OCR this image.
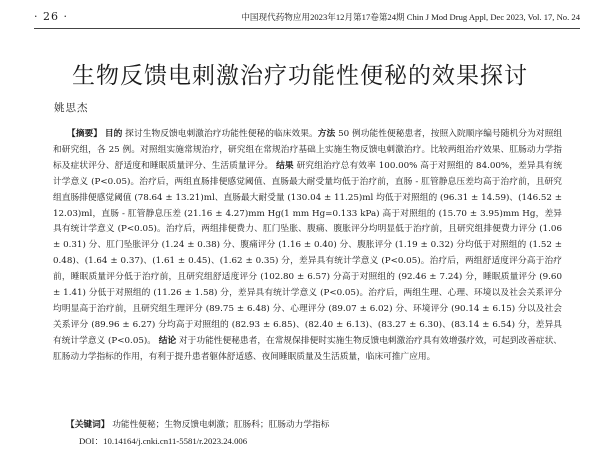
· 26 ·	中国现代药物应用2023年12月第17卷第24期 Chin J Mod Drug Appl, Dec 2023, Vol. 17, No. 24
生物反馈电刺激治疗功能性便秘的效果探讨
姚思杰

【摘要】 目的 探讨生物反馈电刺激治疗功能性便秘的临床效果。方法 50 例功能性便秘患者，按照入院顺序编号随机分为对照组和研究组，各 25 例。对照组实施常规治疗，研究组在常规治疗基础上实施生物反馈电刺激治疗。比较两组治疗效果、肛肠动力学指标及症状评分、舒适度和睡眠质量评分、生活质量评分。 结果 研究组治疗总有效率 100.00% 高于对照组的 84.00%，差异具有统计学意义 (P<0.05)。治疗后，两组直肠排便感觉阈值、直肠最大耐受量均低于治疗前，直肠 - 肛管静息压差均高于治疗前，且研究组直肠排便感觉阈值 (78.64 ± 13.21)ml、直肠最大耐受量 (130.04 ± 11.25)ml 均低于对照组的 (96.31 ± 14.59)、(146.52 ± 12.03)ml，直肠 - 肛管静息压差 (21.16 ± 4.27)mm Hg(1 mm Hg=0.133 kPa) 高于对照组的 (15.70 ± 3.95)mm Hg，差异具有统计学意义 (P<0.05)。治疗后，两组排便费力、肛门坠胀、腹痛、腹胀评分均明显低于治疗前，且研究组排便费力评分 (1.06 ± 0.31) 分、肛门坠胀评分 (1.24 ± 0.38) 分、腹痛评分 (1.16 ± 0.40) 分、腹胀评分 (1.19 ± 0.32) 分均低于对照组的 (1.52 ± 0.48)、(1.64 ± 0.37)、(1.61 ± 0.45)、(1.62 ± 0.35) 分，差异具有统计学意义 (P<0.05)。治疗后，两组舒适度评分高于治疗前，睡眠质量评分低于治疗前，且研究组舒适度评分 (102.80 ± 6.57) 分高于对照组的 (92.46 ± 7.24) 分，睡眠质量评分 (9.60 ± 1.41) 分低于对照组的 (11.26 ± 1.58) 分，差异具有统计学意义 (P<0.05)。治疗后，两组生理、心理、环境以及社会关系评分均明显高于治疗前，且研究组生理评分 (89.75 ± 6.48) 分、心理评分 (89.07 ± 6.02) 分、环境评分 (90.14 ± 6.15) 分以及社会关系评分 (89.96 ± 6.27) 分均高于对照组的 (82.93 ± 6.85)、(82.40 ± 6.13)、(83.27 ± 6.30)、(83.14 ± 6.54) 分，差异具有统计学意义 (P<0.05)。 结论 对于功能性便秘患者，在常规保排便时实施生物反馈电刺激治疗具有效增强疗效，可起到改善症状、肛肠动力学指标的作用，有利于提升患者躯体舒适感、夜间睡眠质量及生活质量，临床可推广应用。

【关键词】 功能性便秘；生物反馈电刺激；肛肠科；肛肠动力学指标
DOI：10.14164/j.cnki.cn11-5581/r.2023.24.006
